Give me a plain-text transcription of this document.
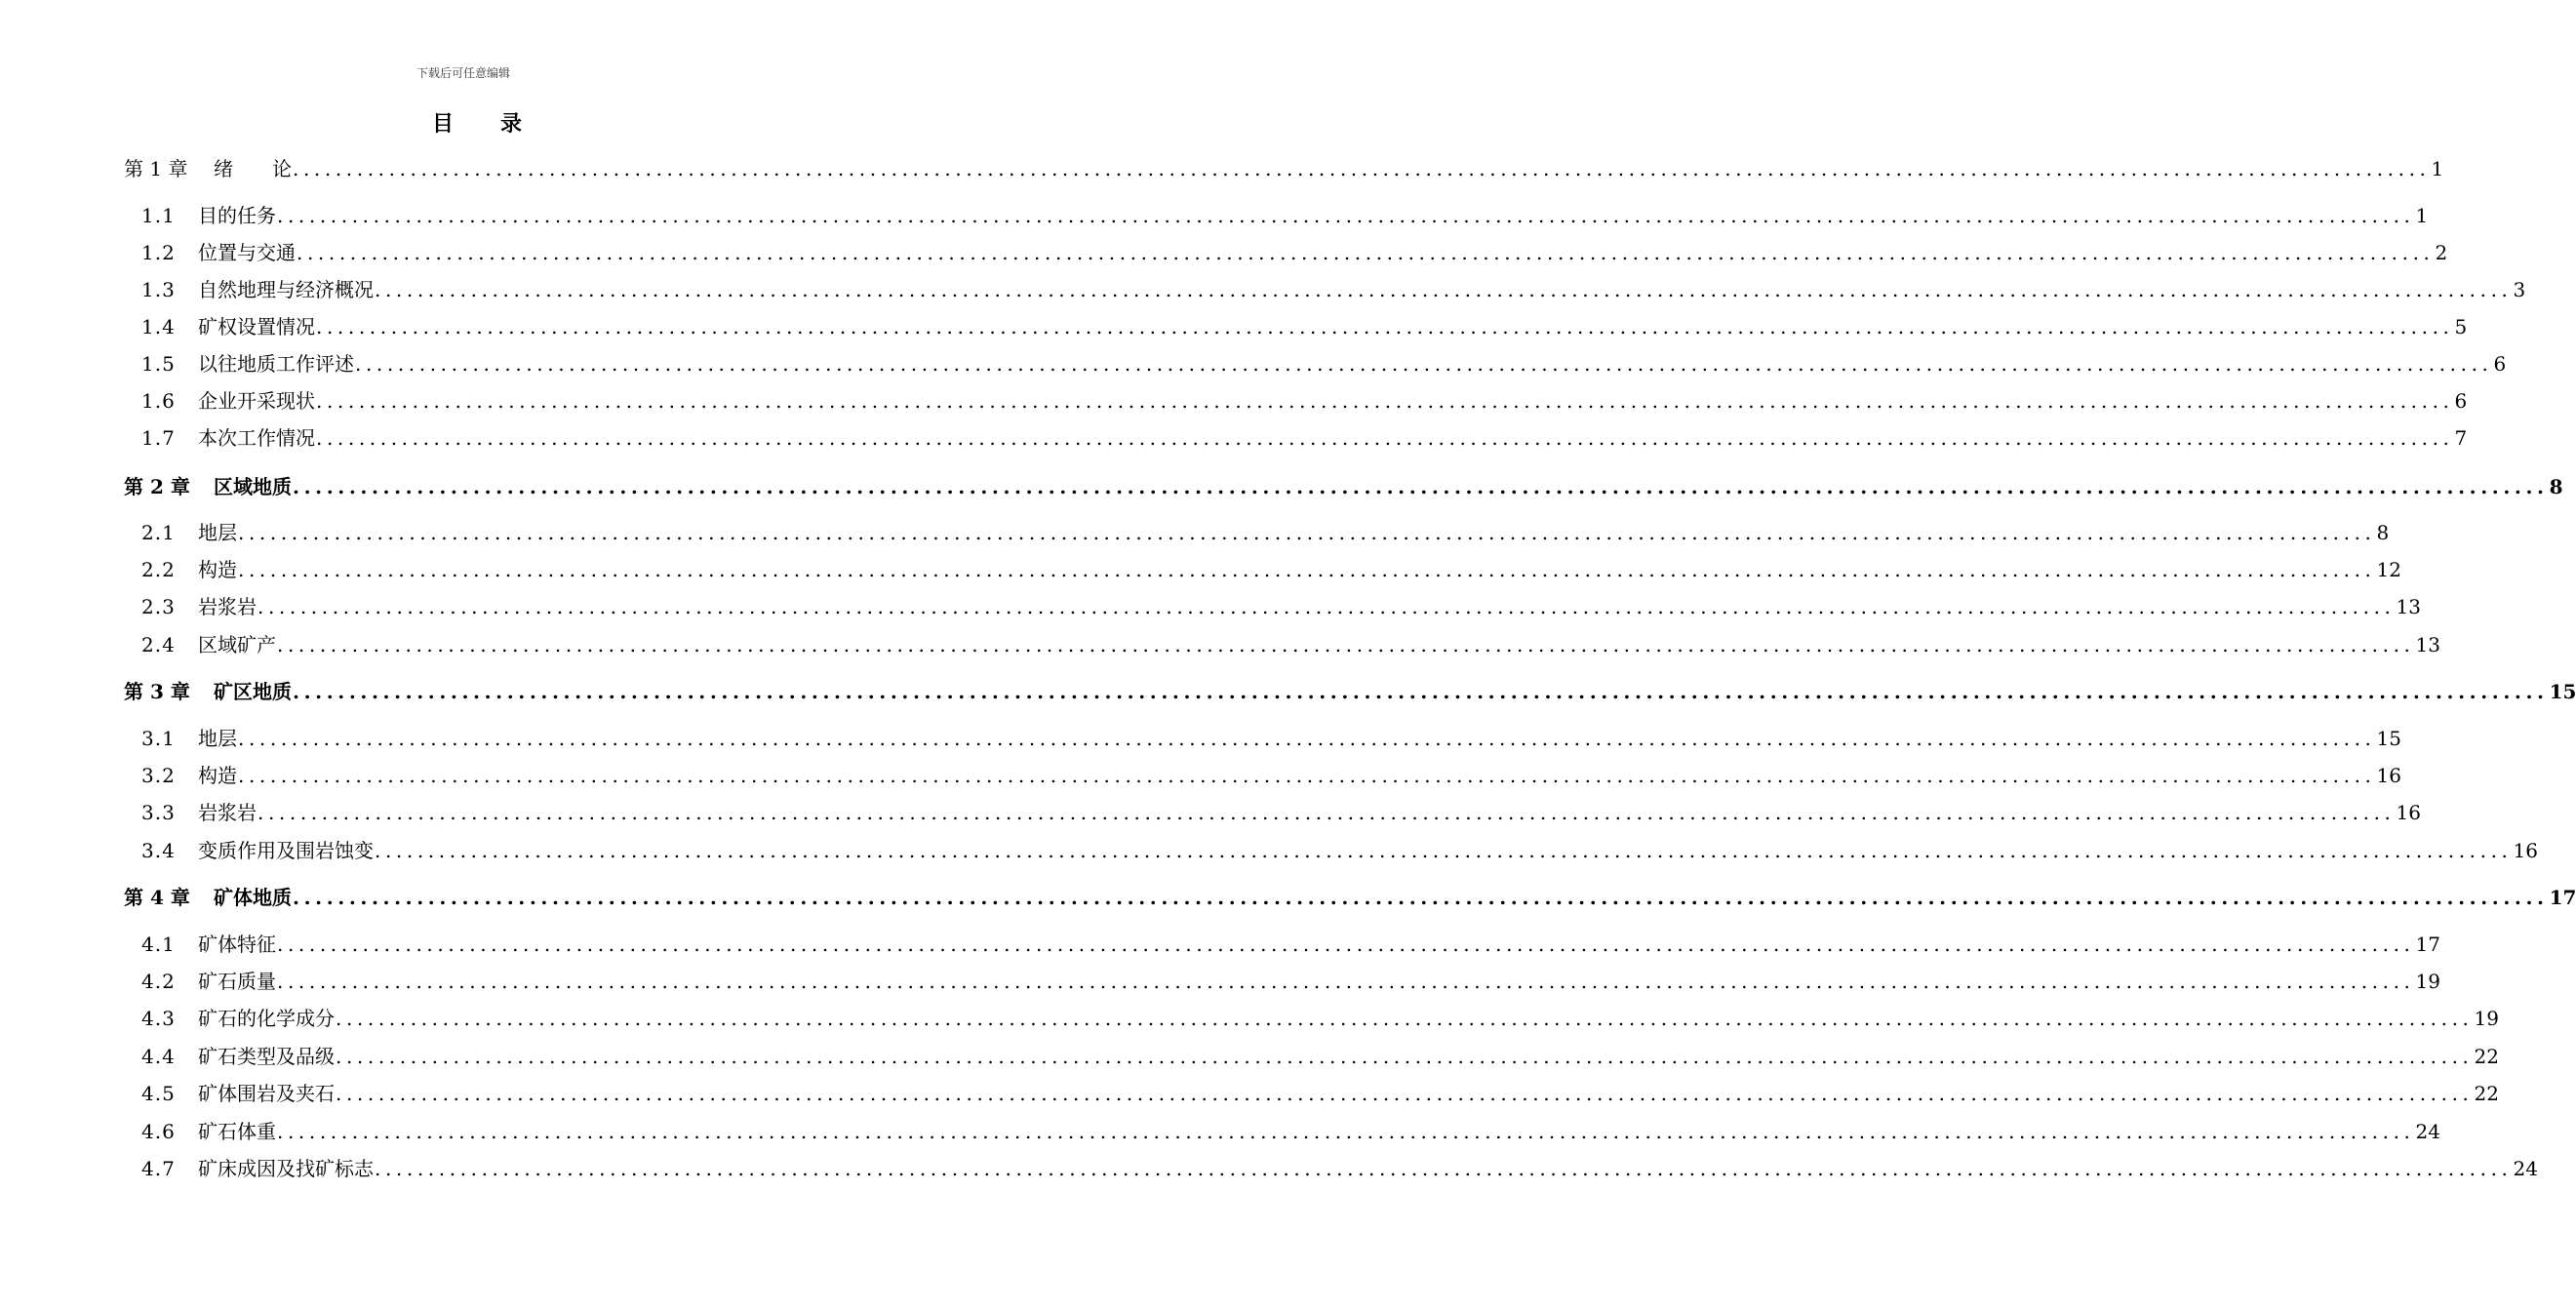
下载后可任意编辑
目 录
第 1 章	绪　　论 ........................................................................................................................................................................................................ 1
1.1	目的任务 ........................................................................................................................................................................................................ 1
1.2	位置与交通 ........................................................................................................................................................................................................ 2
1.3	自然地理与经济概况 ........................................................................................................................................................................................................ 3
1.4	矿权设置情况 ........................................................................................................................................................................................................ 5
1.5	以往地质工作评述 ........................................................................................................................................................................................................ 6
1.6	企业开采现状 ........................................................................................................................................................................................................ 6
1.7	本次工作情况 ........................................................................................................................................................................................................ 7
第 2 章	区域地质 ........................................................................................................................................................................................................ 8
2.1	地层 ........................................................................................................................................................................................................ 8
2.2	构造 ........................................................................................................................................................................................................ 12
2.3	岩浆岩 ........................................................................................................................................................................................................ 13
2.4	区域矿产 ........................................................................................................................................................................................................ 13
第 3 章	矿区地质 ........................................................................................................................................................................................................ 15
3.1	地层 ........................................................................................................................................................................................................ 15
3.2	构造 ........................................................................................................................................................................................................ 16
3.3	岩浆岩 ........................................................................................................................................................................................................ 16
3.4	变质作用及围岩蚀变 ........................................................................................................................................................................................................ 16
第 4 章	矿体地质 ........................................................................................................................................................................................................ 17
4.1	矿体特征 ........................................................................................................................................................................................................ 17
4.2	矿石质量 ........................................................................................................................................................................................................ 19
4.3	矿石的化学成分 ........................................................................................................................................................................................................ 19
4.4	矿石类型及品级 ........................................................................................................................................................................................................ 22
4.5	矿体围岩及夹石 ........................................................................................................................................................................................................ 22
4.6	矿石体重 ........................................................................................................................................................................................................ 24
4.7	矿床成因及找矿标志 ........................................................................................................................................................................................................ 24
